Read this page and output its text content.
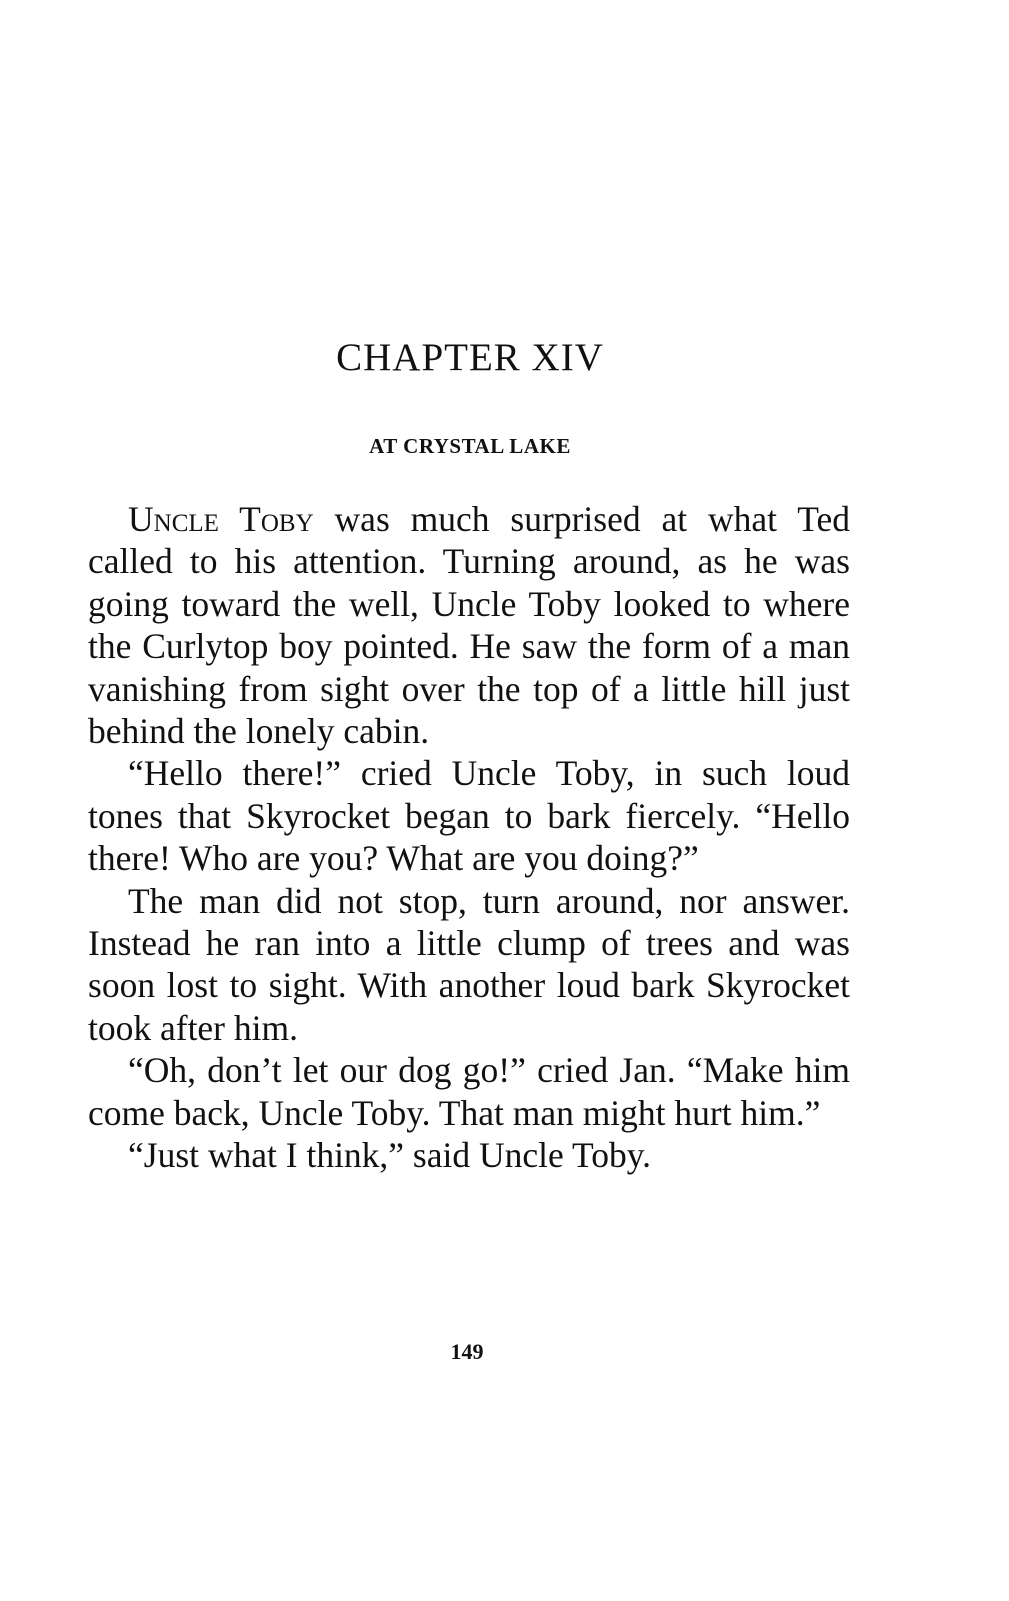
CHAPTER XIV
AT CRYSTAL LAKE

Uncle Toby was much surprised at what Ted called to his attention. Turning around, as he was going toward the well, Uncle Toby looked to where the Curlytop boy pointed. He saw the form of a man vanishing from sight over the top of a little hill just behind the lonely cabin.

“Hello there!” cried Uncle Toby, in such loud tones that Skyrocket began to bark fiercely. “Hello there! Who are you? What are you doing?”

The man did not stop, turn around, nor answer. Instead he ran into a little clump of trees and was soon lost to sight. With another loud bark Skyrocket took after him.

“Oh, don’t let our dog go!” cried Jan. “Make him come back, Uncle Toby. That man might hurt him.”

“Just what I think,” said Uncle Toby.

149
